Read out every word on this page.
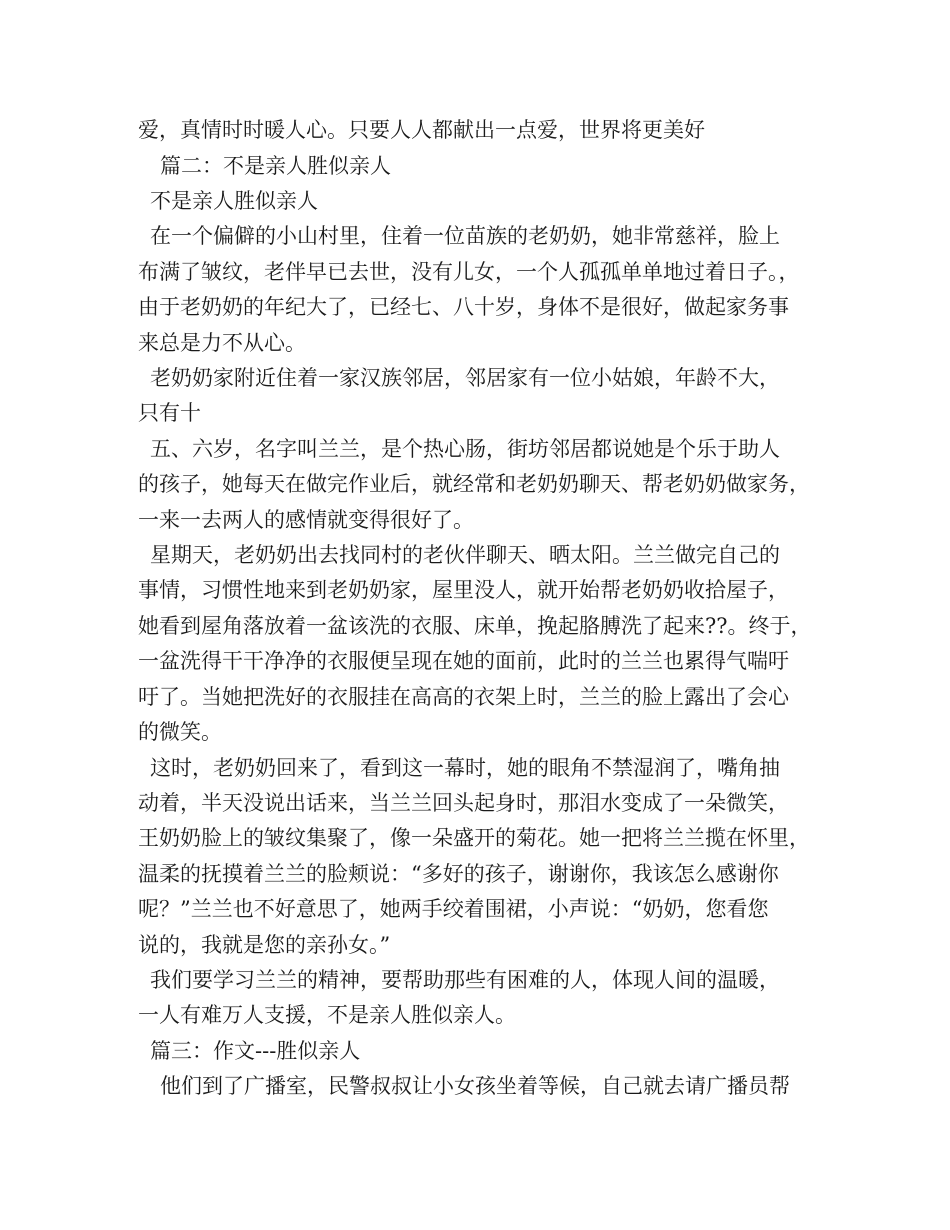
爱，真情时时暖人心。只要人人都献出一点爱，世界将更美好
篇二：不是亲人胜似亲人
不是亲人胜似亲人
在一个偏僻的小山村里，住着一位苗族的老奶奶，她非常慈祥，脸上
布满了皱纹，老伴早已去世，没有儿女，一个人孤孤单单地过着日子。，
由于老奶奶的年纪大了，已经七、八十岁，身体不是很好，做起家务事
来总是力不从心。
老奶奶家附近住着一家汉族邻居，邻居家有一位小姑娘，年龄不大，
只有十
五、六岁，名字叫兰兰，是个热心肠，街坊邻居都说她是个乐于助人
的孩子，她每天在做完作业后，就经常和老奶奶聊天、帮老奶奶做家务，
一来一去两人的感情就变得很好了。
星期天，老奶奶出去找同村的老伙伴聊天、晒太阳。兰兰做完自己的
事情，习惯性地来到老奶奶家，屋里没人，就开始帮老奶奶收拾屋子，
她看到屋角落放着一盆该洗的衣服、床单，挽起胳膊洗了起来??。终于，
一盆洗得干干净净的衣服便呈现在她的面前，此时的兰兰也累得气喘吁
吁了。当她把洗好的衣服挂在高高的衣架上时，兰兰的脸上露出了会心
的微笑。
这时，老奶奶回来了，看到这一幕时，她的眼角不禁湿润了，嘴角抽
动着，半天没说出话来，当兰兰回头起身时，那泪水变成了一朵微笑，
王奶奶脸上的皱纹集聚了，像一朵盛开的菊花。她一把将兰兰揽在怀里，
温柔的抚摸着兰兰的脸颊说：“多好的孩子，谢谢你，我该怎么感谢你
呢？”兰兰也不好意思了，她两手绞着围裙，小声说：“奶奶，您看您
说的，我就是您的亲孙女。”
我们要学习兰兰的精神，要帮助那些有困难的人，体现人间的温暖，
一人有难万人支援，不是亲人胜似亲人。
篇三：作文---胜似亲人
他们到了广播室，民警叔叔让小女孩坐着等候，自己就去请广播员帮
